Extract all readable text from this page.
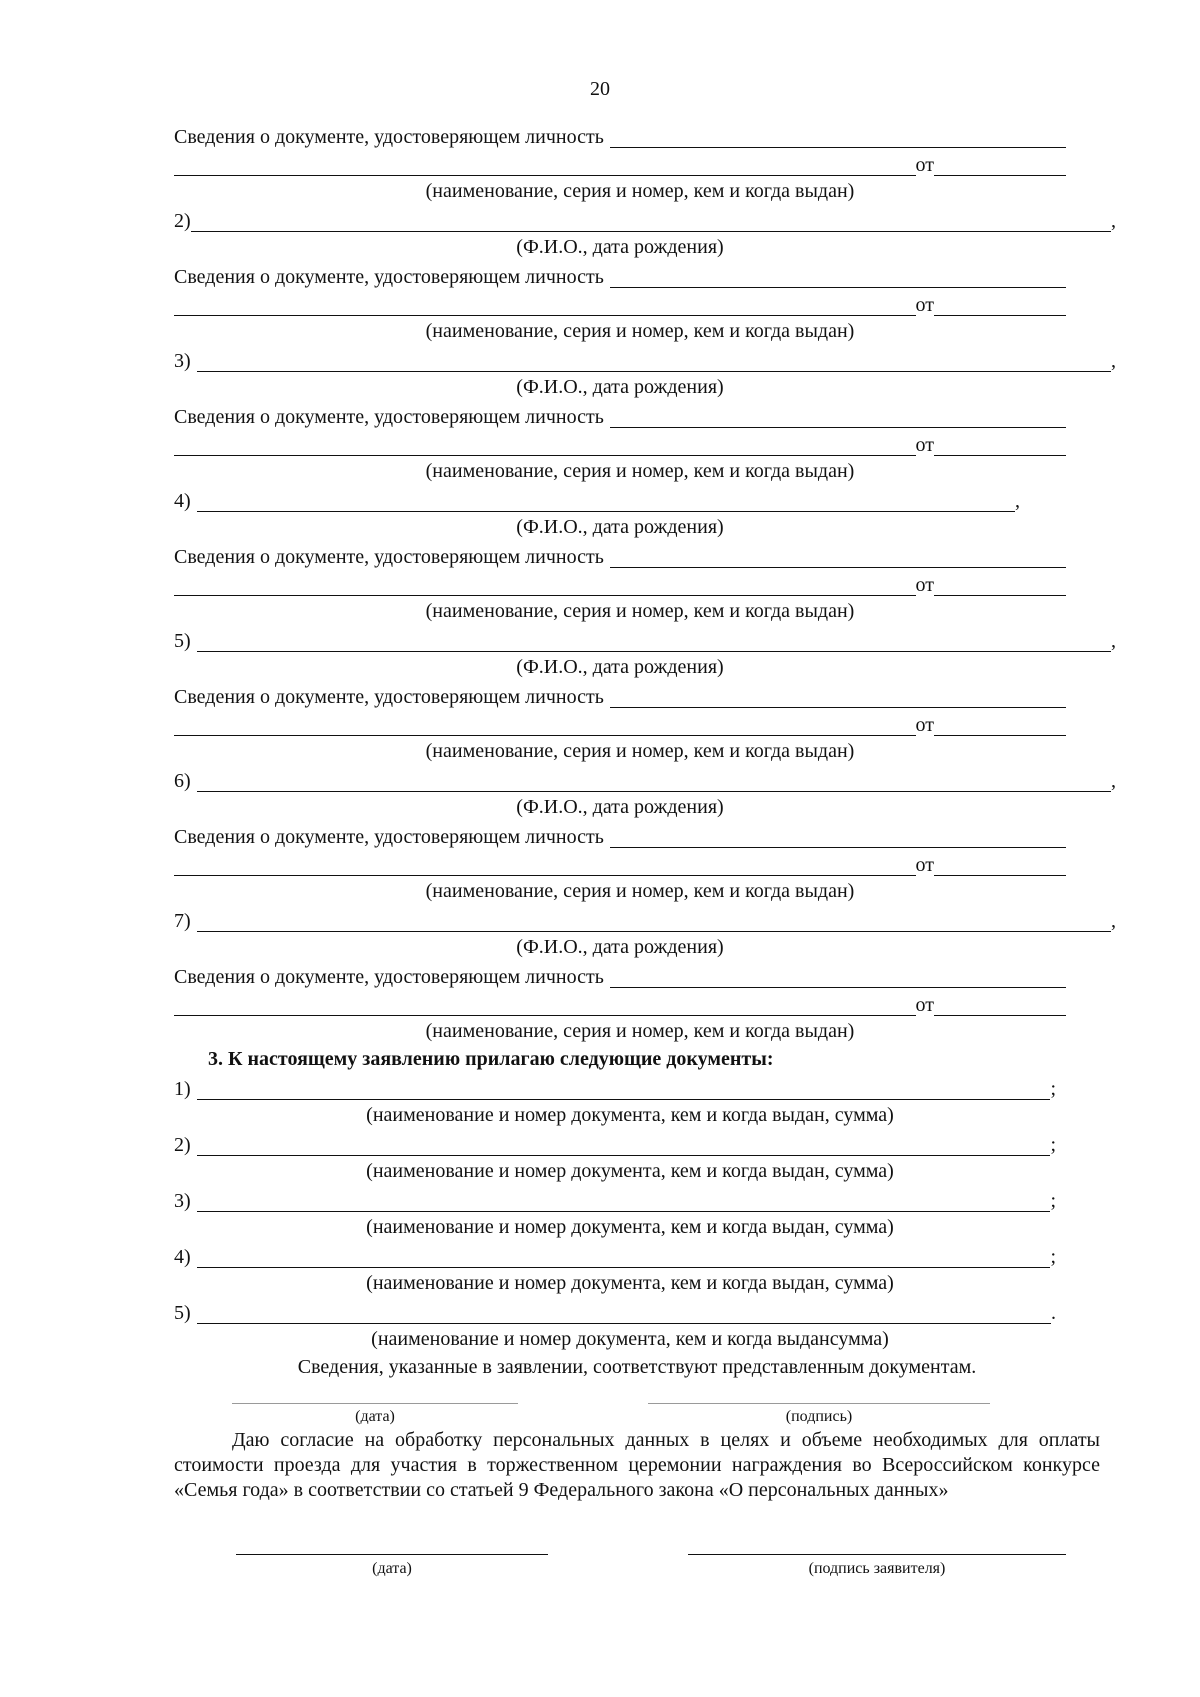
20
Сведения о документе, удостоверяющем личность
от
(наименование, серия и номер, кем и когда выдан)
2)	,
(Ф.И.О., дата рождения)
Сведения о документе, удостоверяющем личность
от
(наименование, серия и номер, кем и когда выдан)
3)	,
(Ф.И.О., дата рождения)
Сведения о документе, удостоверяющем личность
от
(наименование, серия и номер, кем и когда выдан)
4)	,
(Ф.И.О., дата рождения)
Сведения о документе, удостоверяющем личность
от
(наименование, серия и номер, кем и когда выдан)
5)	,
(Ф.И.О., дата рождения)
Сведения о документе, удостоверяющем личность
от
(наименование, серия и номер, кем и когда выдан)
6)	,
(Ф.И.О., дата рождения)
Сведения о документе, удостоверяющем личность
от
(наименование, серия и номер, кем и когда выдан)
7)	,
(Ф.И.О., дата рождения)
Сведения о документе, удостоверяющем личность
от
(наименование, серия и номер, кем и когда выдан)
3. К настоящему заявлению прилагаю следующие документы:
1)	;
(наименование и номер документа, кем и когда выдан, сумма)
2)	;
(наименование и номер документа, кем и когда выдан, сумма)
3)	;
(наименование и номер документа, кем и когда выдан, сумма)
4)	;
(наименование и номер документа, кем и когда выдан, сумма)
5)	.
(наименование и номер документа, кем и когда выдансумма)
Сведения, указанные в заявлении, соответствуют представленным документам.
(дата)	(подпись)
Даю согласие на обработку персональных данных в целях и объеме необходимых для оплаты стоимости проезда для участия в торжественном церемонии награждения во Всероссийском конкурсе «Семья года» в соответствии со статьей 9 Федерального закона «О персональных данных»
(дата)	(подпись заявителя)
